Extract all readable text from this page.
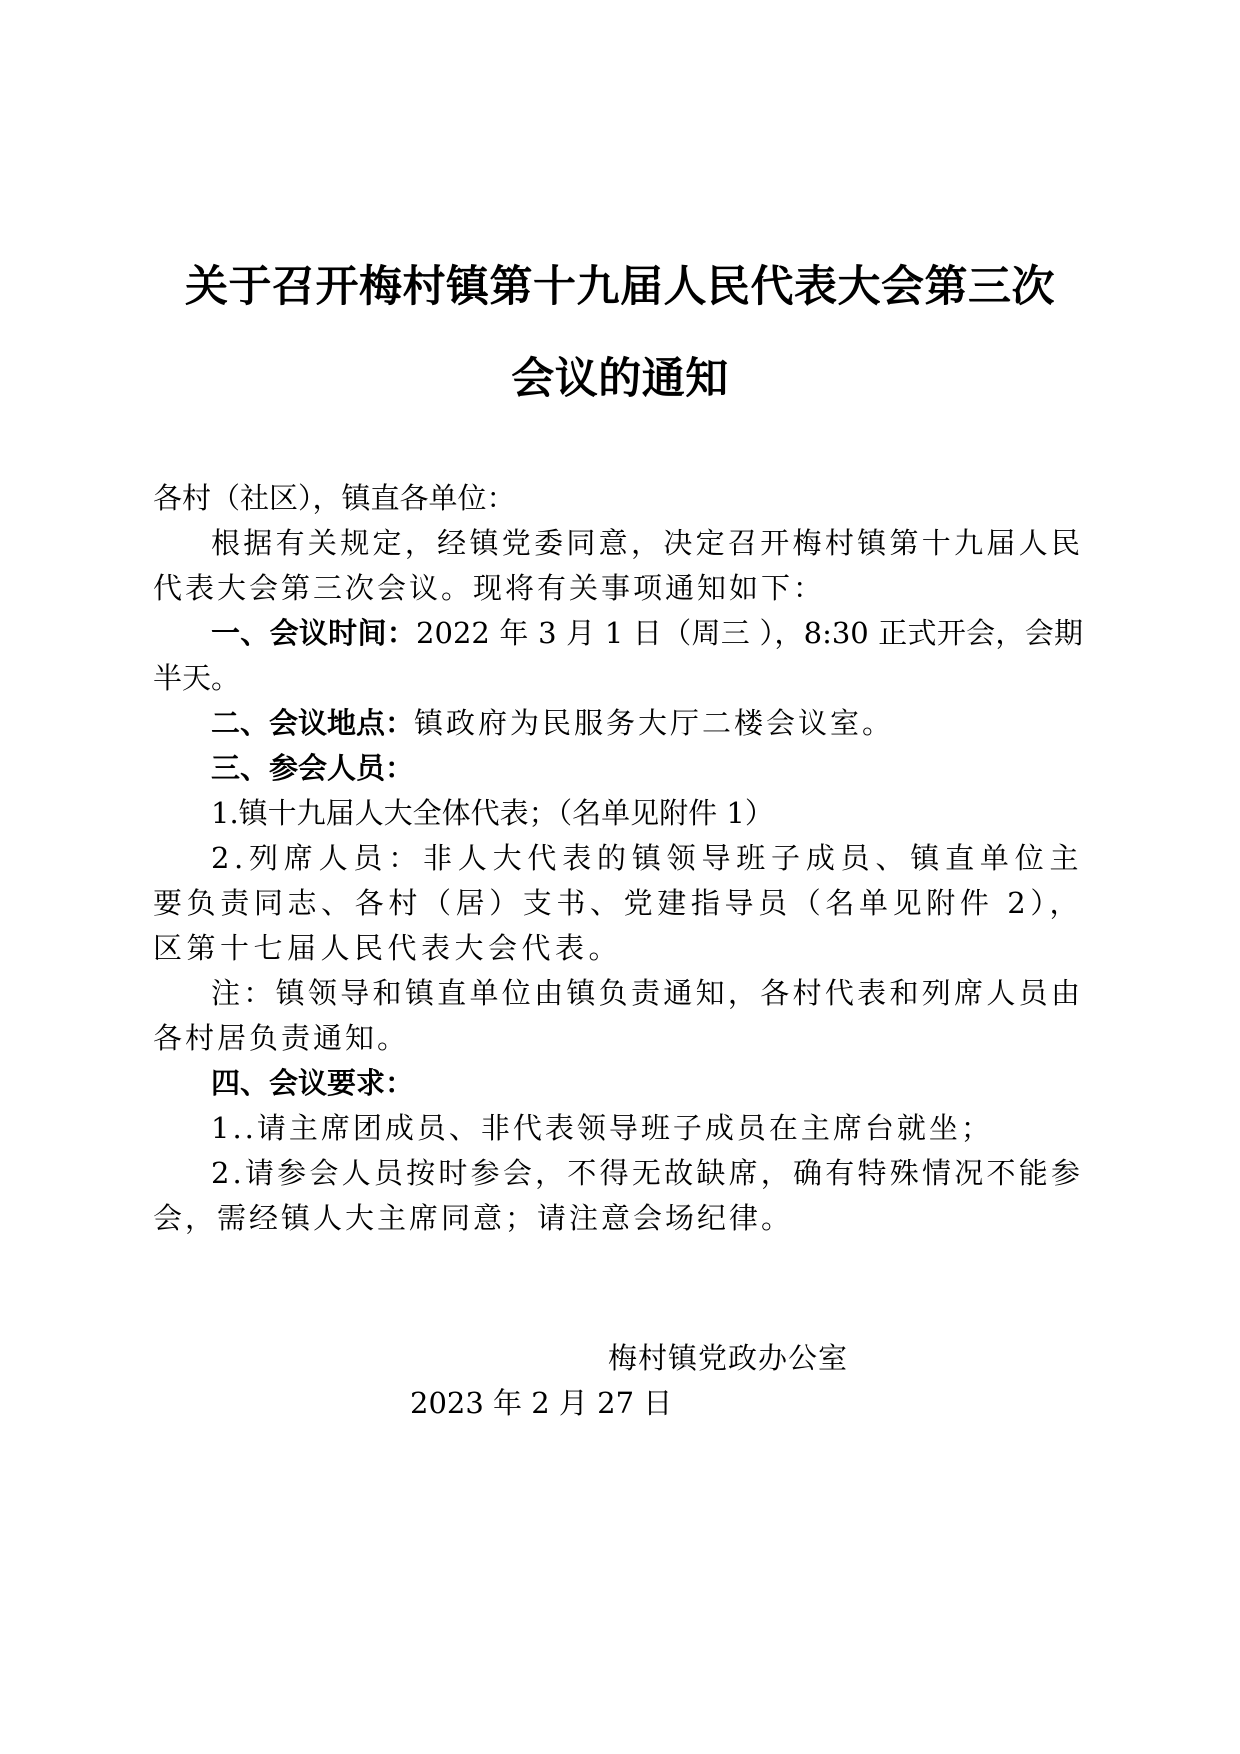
关于召开梅村镇第十九届人民代表大会第三次
会议的通知

各村（社区），镇直各单位：

根据有关规定，经镇党委同意，决定召开梅村镇第十九届人民代表大会第三次会议。现将有关事项通知如下：

一、会议时间：2022 年 3 月 1 日（周三 ），8:30 正式开会，会期半天。

二、会议地点：镇政府为民服务大厅二楼会议室。

三、参会人员：

1.镇十九届人大全体代表；（名单见附件 1）

2.列席人员：非人大代表的镇领导班子成员、镇直单位主要负责同志、各村（居）支书、党建指导员（名单见附件 2），区第十七届人民代表大会代表。

注：镇领导和镇直单位由镇负责通知，各村代表和列席人员由各村居负责通知。

四、会议要求：

1..请主席团成员、非代表领导班子成员在主席台就坐；

2.请参会人员按时参会，不得无故缺席，确有特殊情况不能参会，需经镇人大主席同意；请注意会场纪律。

梅村镇党政办公室
2023 年 2 月 27 日
